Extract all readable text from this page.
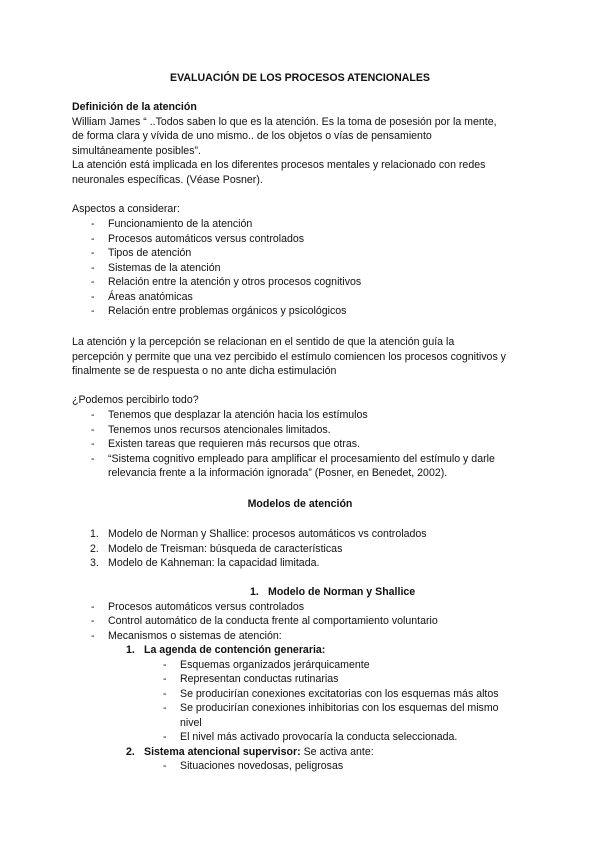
EVALUACIÓN DE LOS PROCESOS ATENCIONALES
Definición de la atención
William James “ ..Todos saben lo que es la atención. Es la toma de posesión por la mente,
de forma clara y vívida de uno mismo.. de los objetos o vías de pensamiento
simultáneamente posibles”.
La atención está implicada en los diferentes procesos mentales y relacionado con redes
neuronales específicas. (Véase Posner).
Aspectos a considerar:
- Funcionamiento de la atención
- Procesos automáticos versus controlados
- Tipos de atención
- Sistemas de la atención
- Relación entre la atención y otros procesos cognitivos
- Áreas anatómicas
- Relación entre problemas orgánicos y psicológicos
La atención y la percepción se relacionan en el sentido de que la atención guía la
percepción y permite que una vez percibido el estímulo comiencen los procesos cognitivos y
finalmente se de respuesta o no ante dicha estimulación
¿Podemos percibirlo todo?
- Tenemos que desplazar la atención hacia los estímulos
- Tenemos unos recursos atencionales limitados.
- Existen tareas que requieren más recursos que otras.
- “Sistema cognitivo empleado para amplificar el procesamiento del estímulo y darle
relevancia frente a la información ignorada” (Posner, en Benedet, 2002).
Modelos de atención
1. Modelo de Norman y Shallice: procesos automáticos vs controlados
2. Modelo de Treisman: búsqueda de características
3. Modelo de Kahneman: la capacidad limitada.
1. Modelo de Norman y Shallice
- Procesos automáticos versus controlados
- Control automático de la conducta frente al comportamiento voluntario
- Mecanismos o sistemas de atención:
1. La agenda de contención generaria:
- Esquemas organizados jerárquicamente
- Representan conductas rutinarias
- Se producirían conexiones excitatorias con los esquemas más altos
- Se producirían conexiones inhibitorias con los esquemas del mismo
nivel
- El nivel más activado provocaría la conducta seleccionada.
2. Sistema atencional supervisor: Se activa ante:
- Situaciones novedosas, peligrosas
